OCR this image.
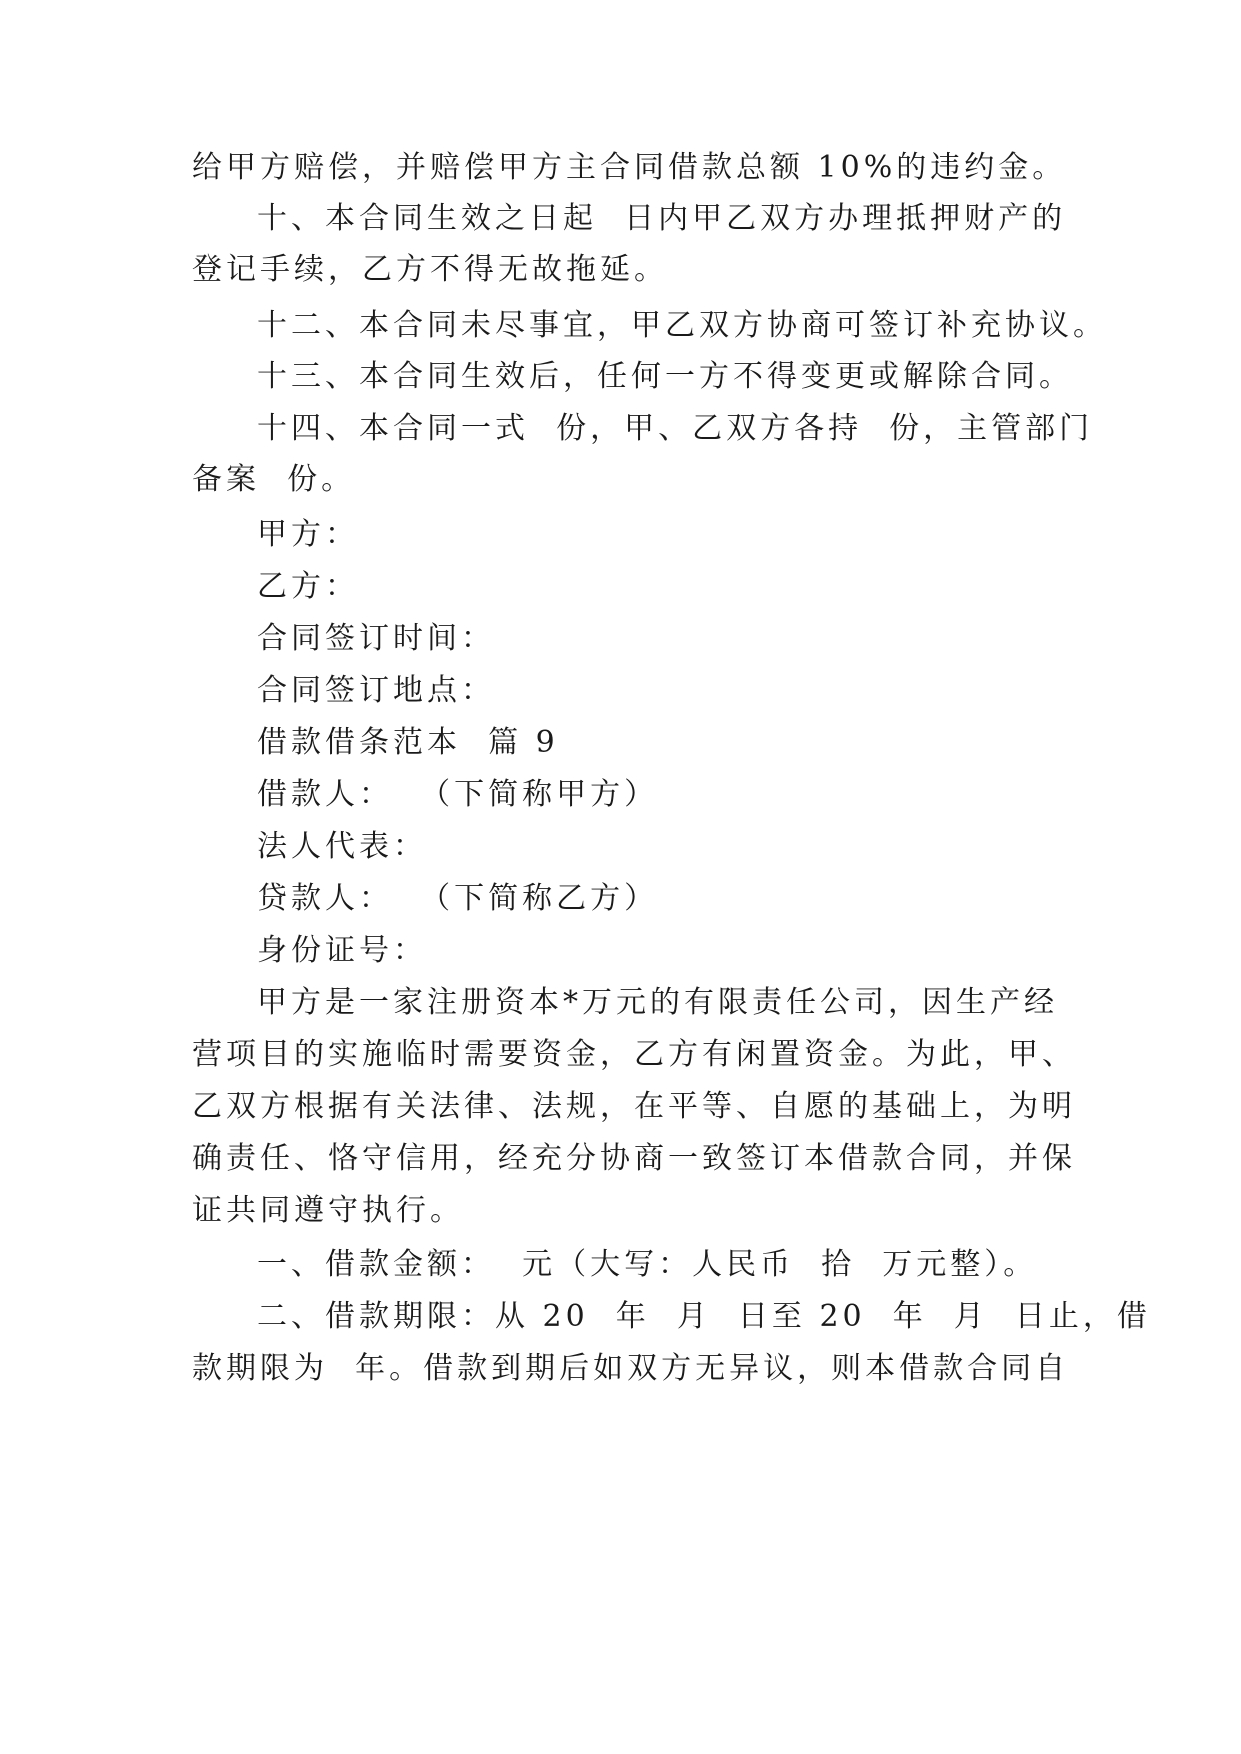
给甲方赔偿，并赔偿甲方主合同借款总额 10%的违约金。
十、本合同生效之日起  日内甲乙双方办理抵押财产的
登记手续，乙方不得无故拖延。
十二、本合同未尽事宜，甲乙双方协商可签订补充协议。
十三、本合同生效后，任何一方不得变更或解除合同。
十四、本合同一式  份，甲、乙双方各持  份，主管部门
备案  份。
甲方：
乙方：
合同签订时间：
合同签订地点：
借款借条范本  篇 9
借款人：  （下简称甲方）
法人代表：
贷款人：  （下简称乙方）
身份证号：
甲方是一家注册资本*万元的有限责任公司，因生产经
营项目的实施临时需要资金，乙方有闲置资金。为此，甲、
乙双方根据有关法律、法规，在平等、自愿的基础上，为明
确责任、恪守信用，经充分协商一致签订本借款合同，并保
证共同遵守执行。
一、借款金额：  元（大写：人民币  拾  万元整）。
二、借款期限：从 20  年  月  日至 20  年  月  日止，借
款期限为  年。借款到期后如双方无异议，则本借款合同自
